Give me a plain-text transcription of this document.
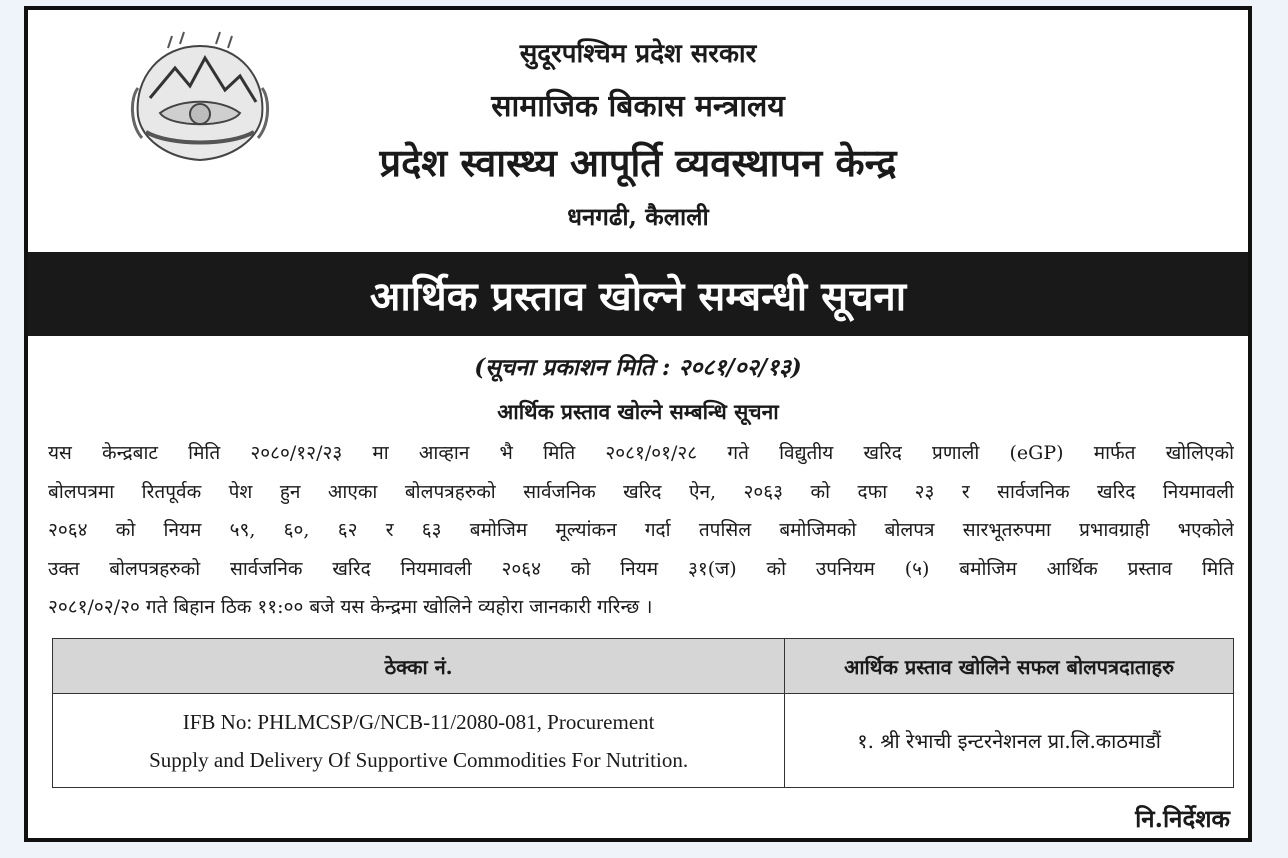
सुदूरपश्चिम प्रदेश सरकार
सामाजिक बिकास मन्त्रालय
प्रदेश स्वास्थ्य आपूर्ति व्यवस्थापन केन्द्र
धनगढी, कैलाली
आर्थिक प्रस्ताव खोल्ने सम्बन्धी सूचना
(सूचना प्रकाशन मिति : २०८१/०२/१३)
आर्थिक प्रस्ताव खोल्ने सम्बन्धि सूचना
यस केन्द्रबाट मिति २०८०/१२/२३ मा आव्हान भै मिति २०८१/०१/२८ गते विद्युतीय खरिद प्रणाली (eGP) मार्फत खोलिएको
बोलपत्रमा रितपूर्वक पेश हुन आएका बोलपत्रहरुको सार्वजनिक खरिद ऐन, २०६३ को दफा २३ र सार्वजनिक खरिद नियमावली
२०६४ को नियम ५९, ६०, ६२ र ६३ बमोजिम मूल्यांकन गर्दा तपसिल बमोजिमको बोलपत्र सारभूतरुपमा प्रभावग्राही भएकोले
उक्त बोलपत्रहरुको सार्वजनिक खरिद नियमावली २०६४ को नियम ३१(ज) को उपनियम (५) बमोजिम आर्थिक प्रस्ताव मिति
२०८१/०२/२० गते बिहान ठिक ११:०० बजे यस केन्द्रमा खोलिने व्यहोरा जानकारी गरिन्छ ।
ठेक्का नं.	आर्थिक प्रस्ताव खोलिने सफल बोलपत्रदाताहरु

IFB No: PHLMCSP/G/NCB-11/2080-081, Procurement
Supply and Delivery Of Supportive Commodities For Nutrition.	१. श्री रेभाची इन्टरनेशनल प्रा.लि.काठमाडौं
नि.निर्देशक
